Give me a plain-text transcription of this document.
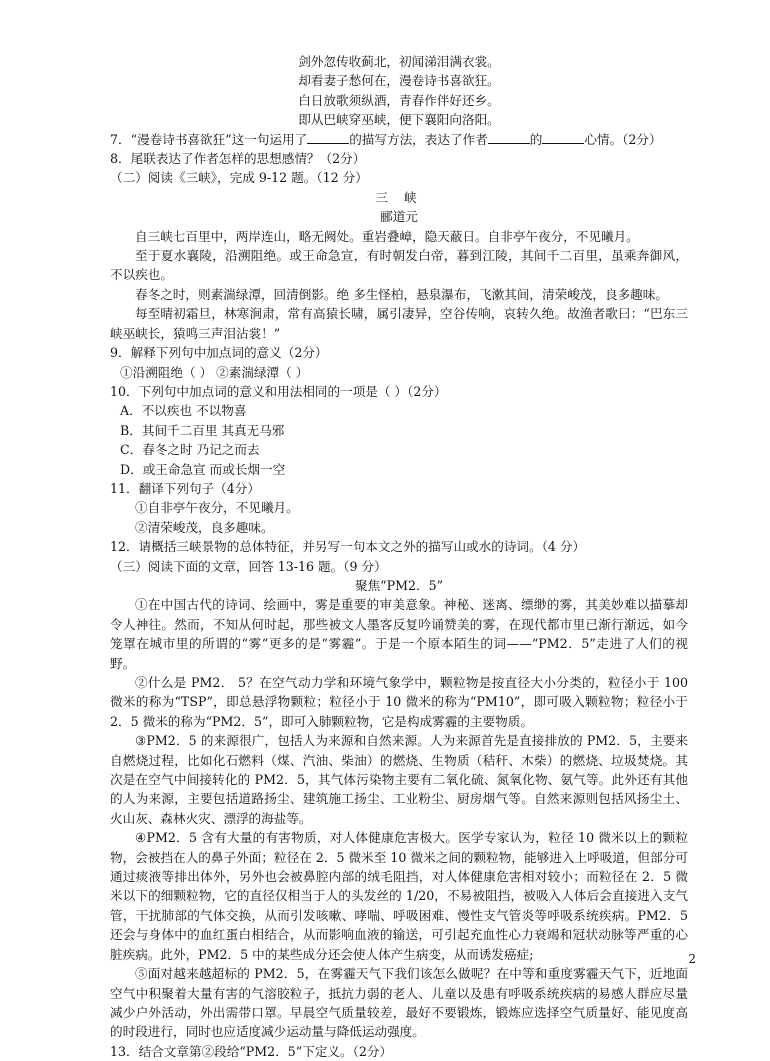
剑外忽传收蓟北，初闻涕泪满衣裳。
却看妻子愁何在，漫卷诗书喜欲狂。
白日放歌须纵酒，青春作伴好还乡。
即从巴峡穿巫峡，便下襄阳向洛阳。
7．“漫卷诗书喜欲狂”这一句运用了	的描写方法，表达了作者	的	心情。（2分）
8．尾联表达了作者怎样的思想感情？（2分）
（二）阅读《三峡》，完成 9-12 题。（12 分）
三 峡
郦道元
自三峡七百里中，两岸连山，略无阙处。重岩叠嶂，隐天蔽日。自非亭午夜分，不见曦月。
至于夏水襄陵，沿溯阻绝。或王命急宣，有时朝发白帝，暮到江陵，其间千二百里，虽乘奔御风，不以疾也。
春冬之时，则素湍绿潭，回清倒影。绝 多生怪柏，悬泉瀑布，飞漱其间，清荣峻茂，良多趣味。
每至晴初霜旦，林寒涧肃，常有高猿长啸，属引凄异，空谷传响，哀转久绝。故渔者歌曰：“巴东三峡巫峡长，猿鸣三声泪沾裳！”
9．解释下列句中加点词的意义（2分）
①沿溯阻绝（ ） ②素湍绿潭（ ）
10．下列句中加点词的意义和用法相同的一项是（ ）（2分）
A．不以疾也 不以物喜
B．其间千二百里 其真无马邪
C．春冬之时 乃记之而去
D．或王命急宣 而或长烟一空
11．翻译下列句子（4分）
①自非亭午夜分，不见曦月。
②清荣峻茂，良多趣味。
12．请概括三峡景物的总体特征，并另写一句本文之外的描写山或水的诗词。（4 分）
（三）阅读下面的文章，回答 13-16 题。（9 分）
聚焦“PM2．5”
①在中国古代的诗词、绘画中，雾是重要的审美意象。神秘、迷离、缥缈的雾，其美妙难以描摹却令人神往。然而，不知从何时起，那些被文人墨客反复吟诵赞美的雾，在现代都市里已渐行渐远，如今笼罩在城市里的所谓的“雾”更多的是“雾霾”。于是一个原本陌生的词——“PM2．5”走进了人们的视野。
②什么是 PM2． 5？在空气动力学和环境气象学中，颗粒物是按直径大小分类的，粒径小于 100 微米的称为“TSP”，即总悬浮物颗粒；粒径小于 10 微米的称为“PM10”，即可吸入颗粒物；粒径小于 2．5 微米的称为“PM2．5”，即可入肺颗粒物，它是构成雾霾的主要物质。
③PM2．5 的来源很广，包括人为来源和自然来源。人为来源首先是直接排放的 PM2．5，主要来自燃烧过程，比如化石燃料（煤、汽油、柴油）的燃烧、生物质（秸秆、木柴）的燃烧、垃圾焚烧。其次是在空气中间接转化的 PM2．5，其气体污染物主要有二氧化硫、氮氧化物、氨气等。此外还有其他的人为来源，主要包括道路扬尘、建筑施工扬尘、工业粉尘、厨房烟气等。自然来源则包括风扬尘土、火山灰、森林火灾、漂浮的海盐等。
④PM2．5 含有大量的有害物质，对人体健康危害极大。医学专家认为，粒径 10 微米以上的颗粒物，会被挡在人的鼻子外面；粒径在 2．5 微米至 10 微米之间的颗粒物，能够进入上呼吸道，但部分可通过痰液等排出体外，另外也会被鼻腔内部的绒毛阻挡，对人体健康危害相对较小；而粒径在 2．5 微米以下的细颗粒物，它的直径仅相当于人的头发丝的 1/20，不易被阻挡，被吸入人体后会直接进入支气管，干扰肺部的气体交换，从而引发咳嗽、哮喘、呼吸困难、慢性支气管炎等呼吸系统疾病。PM2．5 还会与身体中的血红蛋白相结合，从而影响血液的输送，可引起充血性心力衰竭和冠状动脉等严重的心脏疾病。此外，PM2．5 中的某些成分还会使人体产生病变，从而诱发癌症;
⑤面对越来越超标的 PM2．5，在雾霾天气下我们该怎么做呢？在中等和重度雾霾天气下，近地面空气中积聚着大量有害的气溶胶粒子，抵抗力弱的老人、儿童以及患有呼吸系统疾病的易感人群应尽量减少户外活动，外出需带口罩。早晨空气质量较差，最好不要锻炼，锻炼应选择空气质量好、能见度高的时段进行，同时也应适度减少运动量与降低运动强度。
13．结合文章第②段给“PM2．5”下定义。（2分）
2
